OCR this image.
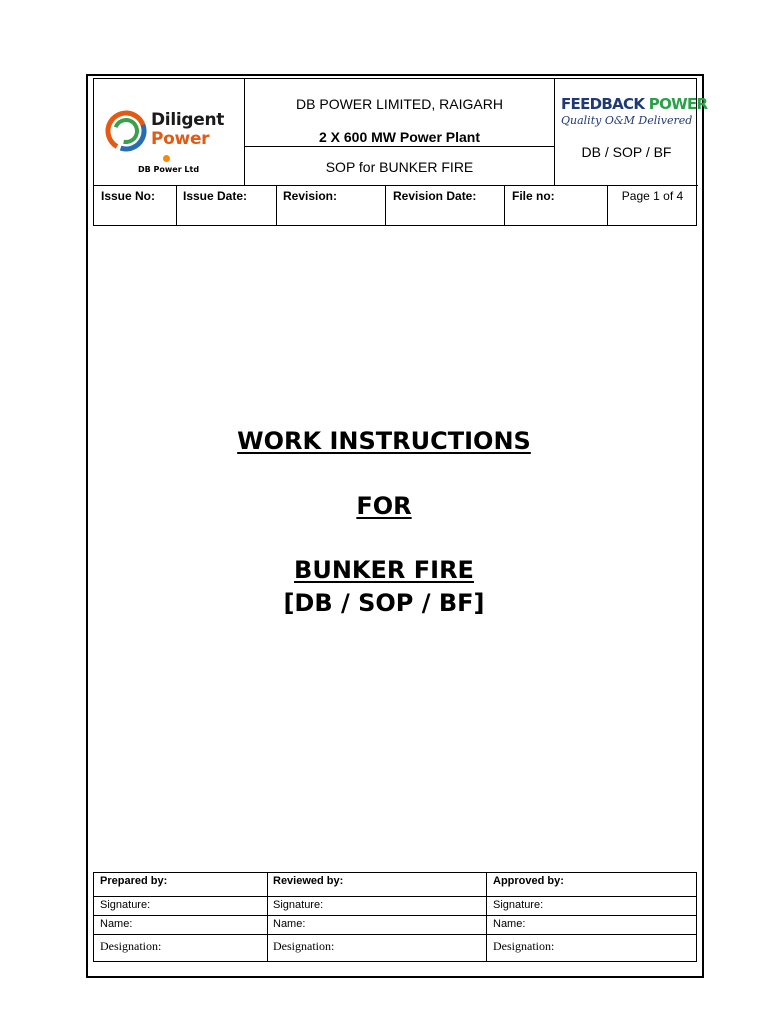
Diligent
Power
DB Power Ltd
DB POWER LIMITED, RAIGARH
2 X 600 MW Power Plant
SOP for BUNKER FIRE
FEEDBACK POWER
Quality O&M Delivered
DB / SOP / BF
Issue No: Issue Date:	Revision:	Revision Date:	File no:	Page 1 of 4
WORK INSTRUCTIONS
FOR
BUNKER FIRE
[DB / SOP / BF]
Prepared by:	Reviewed by:	Approved by:
Signature:	Signature:	Signature:
Name:	Name:	Name:
Designation:	Designation:	Designation:
